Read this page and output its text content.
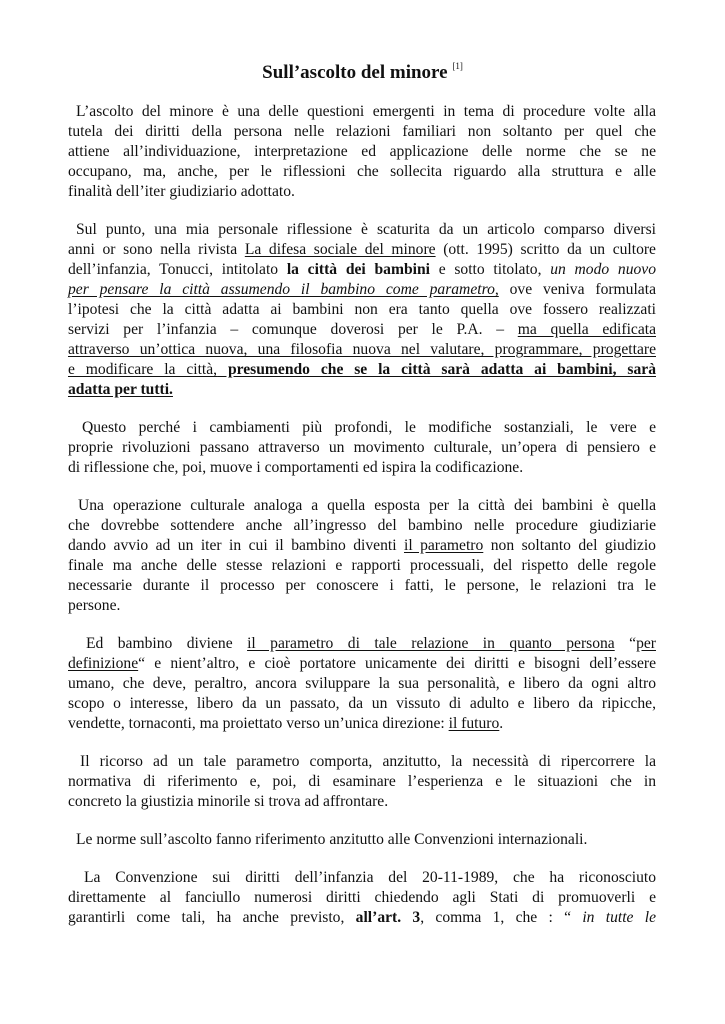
Sull’ascolto del minore [1]
L’ascolto del minore è una delle questioni emergenti in tema di procedure volte alla
tutela dei diritti della persona nelle relazioni familiari non soltanto per quel che
attiene all’individuazione, interpretazione ed applicazione delle norme che se ne
occupano, ma, anche, per le riflessioni che sollecita riguardo alla struttura e alle
finalità dell’iter giudiziario adottato.
Sul punto, una mia personale riflessione è scaturita da un articolo comparso diversi
anni or sono nella rivista La difesa sociale del minore (ott. 1995) scritto da un cultore
dell’infanzia, Tonucci, intitolato la città dei bambini e sotto titolato, un modo nuovo
per pensare la città assumendo il bambino come parametro, ove veniva formulata
l’ipotesi che la città adatta ai bambini non era tanto quella ove fossero realizzati
servizi per l’infanzia – comunque doverosi per le P.A. – ma quella edificata
attraverso un’ottica nuova, una filosofia nuova nel valutare, programmare, progettare
e modificare la città, presumendo che se la città sarà adatta ai bambini, sarà
adatta per tutti.
Questo perché i cambiamenti più profondi, le modifiche sostanziali, le vere e
proprie rivoluzioni passano attraverso un movimento culturale, un’opera di pensiero e
di riflessione che, poi, muove i comportamenti ed ispira la codificazione.
Una operazione culturale analoga a quella esposta per la città dei bambini è quella
che dovrebbe sottendere anche all’ingresso del bambino nelle procedure giudiziarie
dando avvio ad un iter in cui il bambino diventi il parametro non soltanto del giudizio
finale ma anche delle stesse relazioni e rapporti processuali, del rispetto delle regole
necessarie durante il processo per conoscere i fatti, le persone, le relazioni tra le
persone.
Ed bambino diviene il parametro di tale relazione in quanto persona “per
definizione“ e nient’altro, e cioè portatore unicamente dei diritti e bisogni dell’essere
umano, che deve, peraltro, ancora sviluppare la sua personalità, e libero da ogni altro
scopo o interesse, libero da un passato, da un vissuto di adulto e libero da ripicche,
vendette, tornaconti, ma proiettato verso un’unica direzione: il futuro.
Il ricorso ad un tale parametro comporta, anzitutto, la necessità di ripercorrere la
normativa di riferimento e, poi, di esaminare l’esperienza e le situazioni che in
concreto la giustizia minorile si trova ad affrontare.
Le norme sull’ascolto fanno riferimento anzitutto alle Convenzioni internazionali.
La Convenzione sui diritti dell’infanzia del 20-11-1989, che ha riconosciuto
direttamente al fanciullo numerosi diritti chiedendo agli Stati di promuoverli e
garantirli come tali, ha anche previsto, all’art. 3, comma 1, che : “ in tutte le
